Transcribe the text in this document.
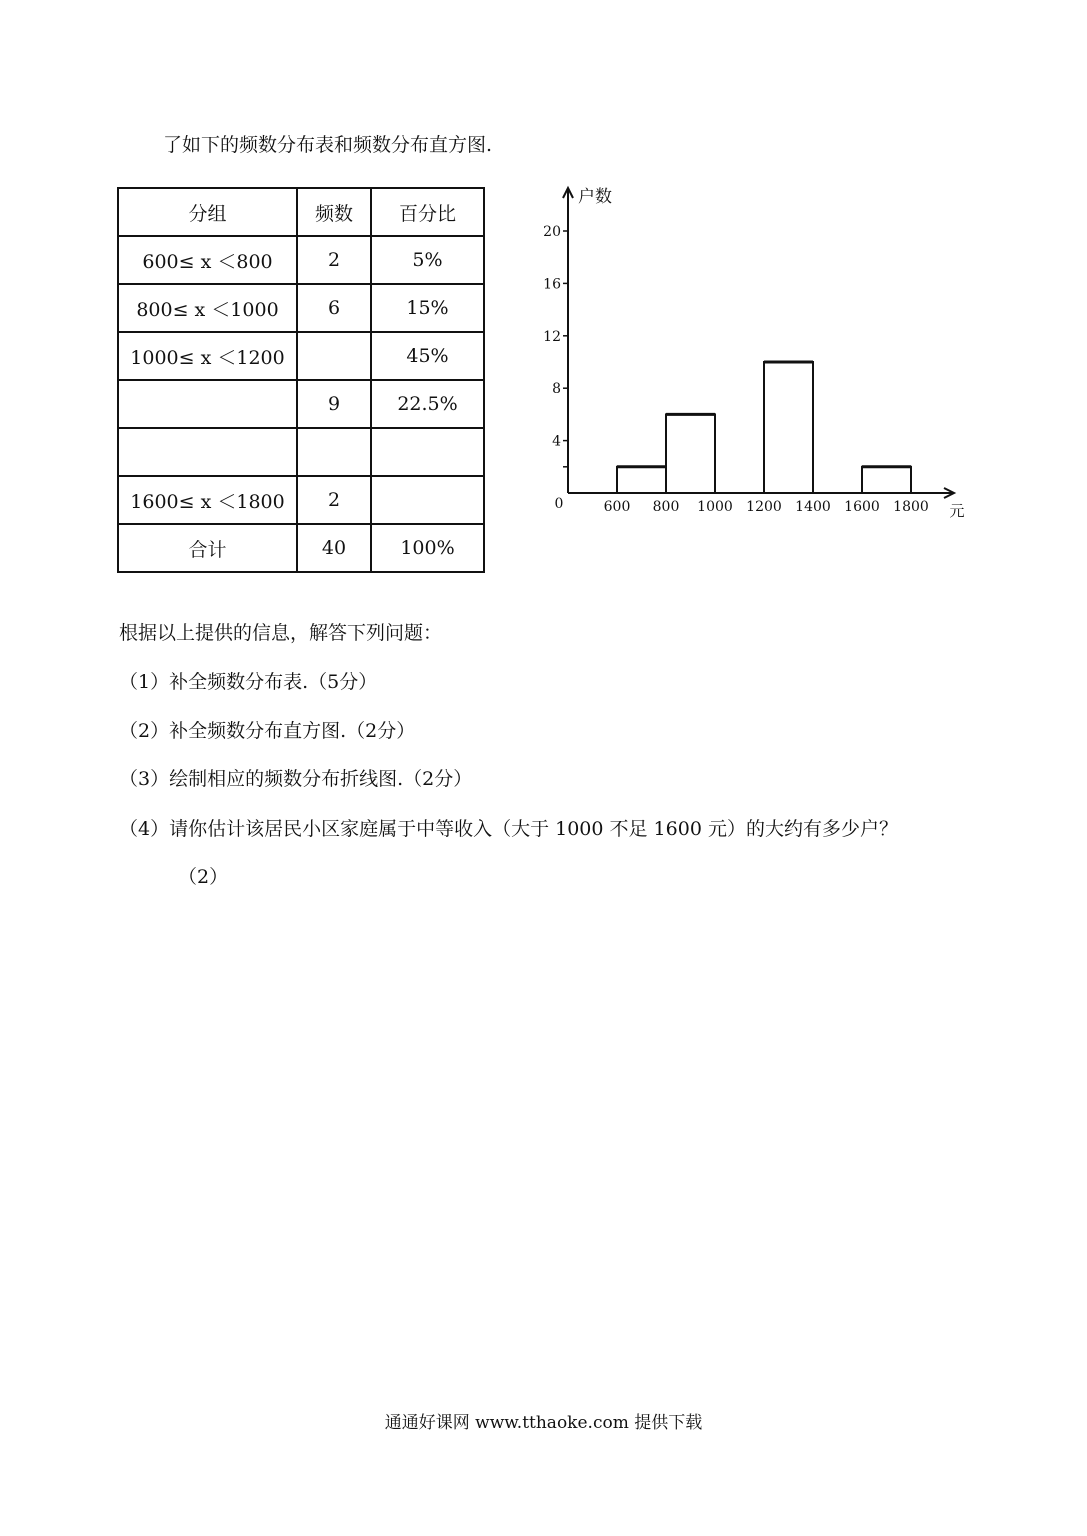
了如下的频数分布表和频数分布直方图.
分组	频数	百分比
600≤ x ＜800	2	5%
800≤ x ＜1000	6	15%
1000≤ x ＜1200		45%
	9	22.5%

1600≤ x ＜1800	2	
合计	40	100%
户数
元
0
20
16
12
8
4
600 800 1000 1200 1400 1600 1800
根据以上提供的信息，解答下列问题：
（1）补全频数分布表.（5分）
（2）补全频数分布直方图.（2分）
（3）绘制相应的频数分布折线图.（2分）
（4）请你估计该居民小区家庭属于中等收入（大于 1000 不足 1600 元）的大约有多少户？
（2）
通通好课网 www.tthaoke.com 提供下载
